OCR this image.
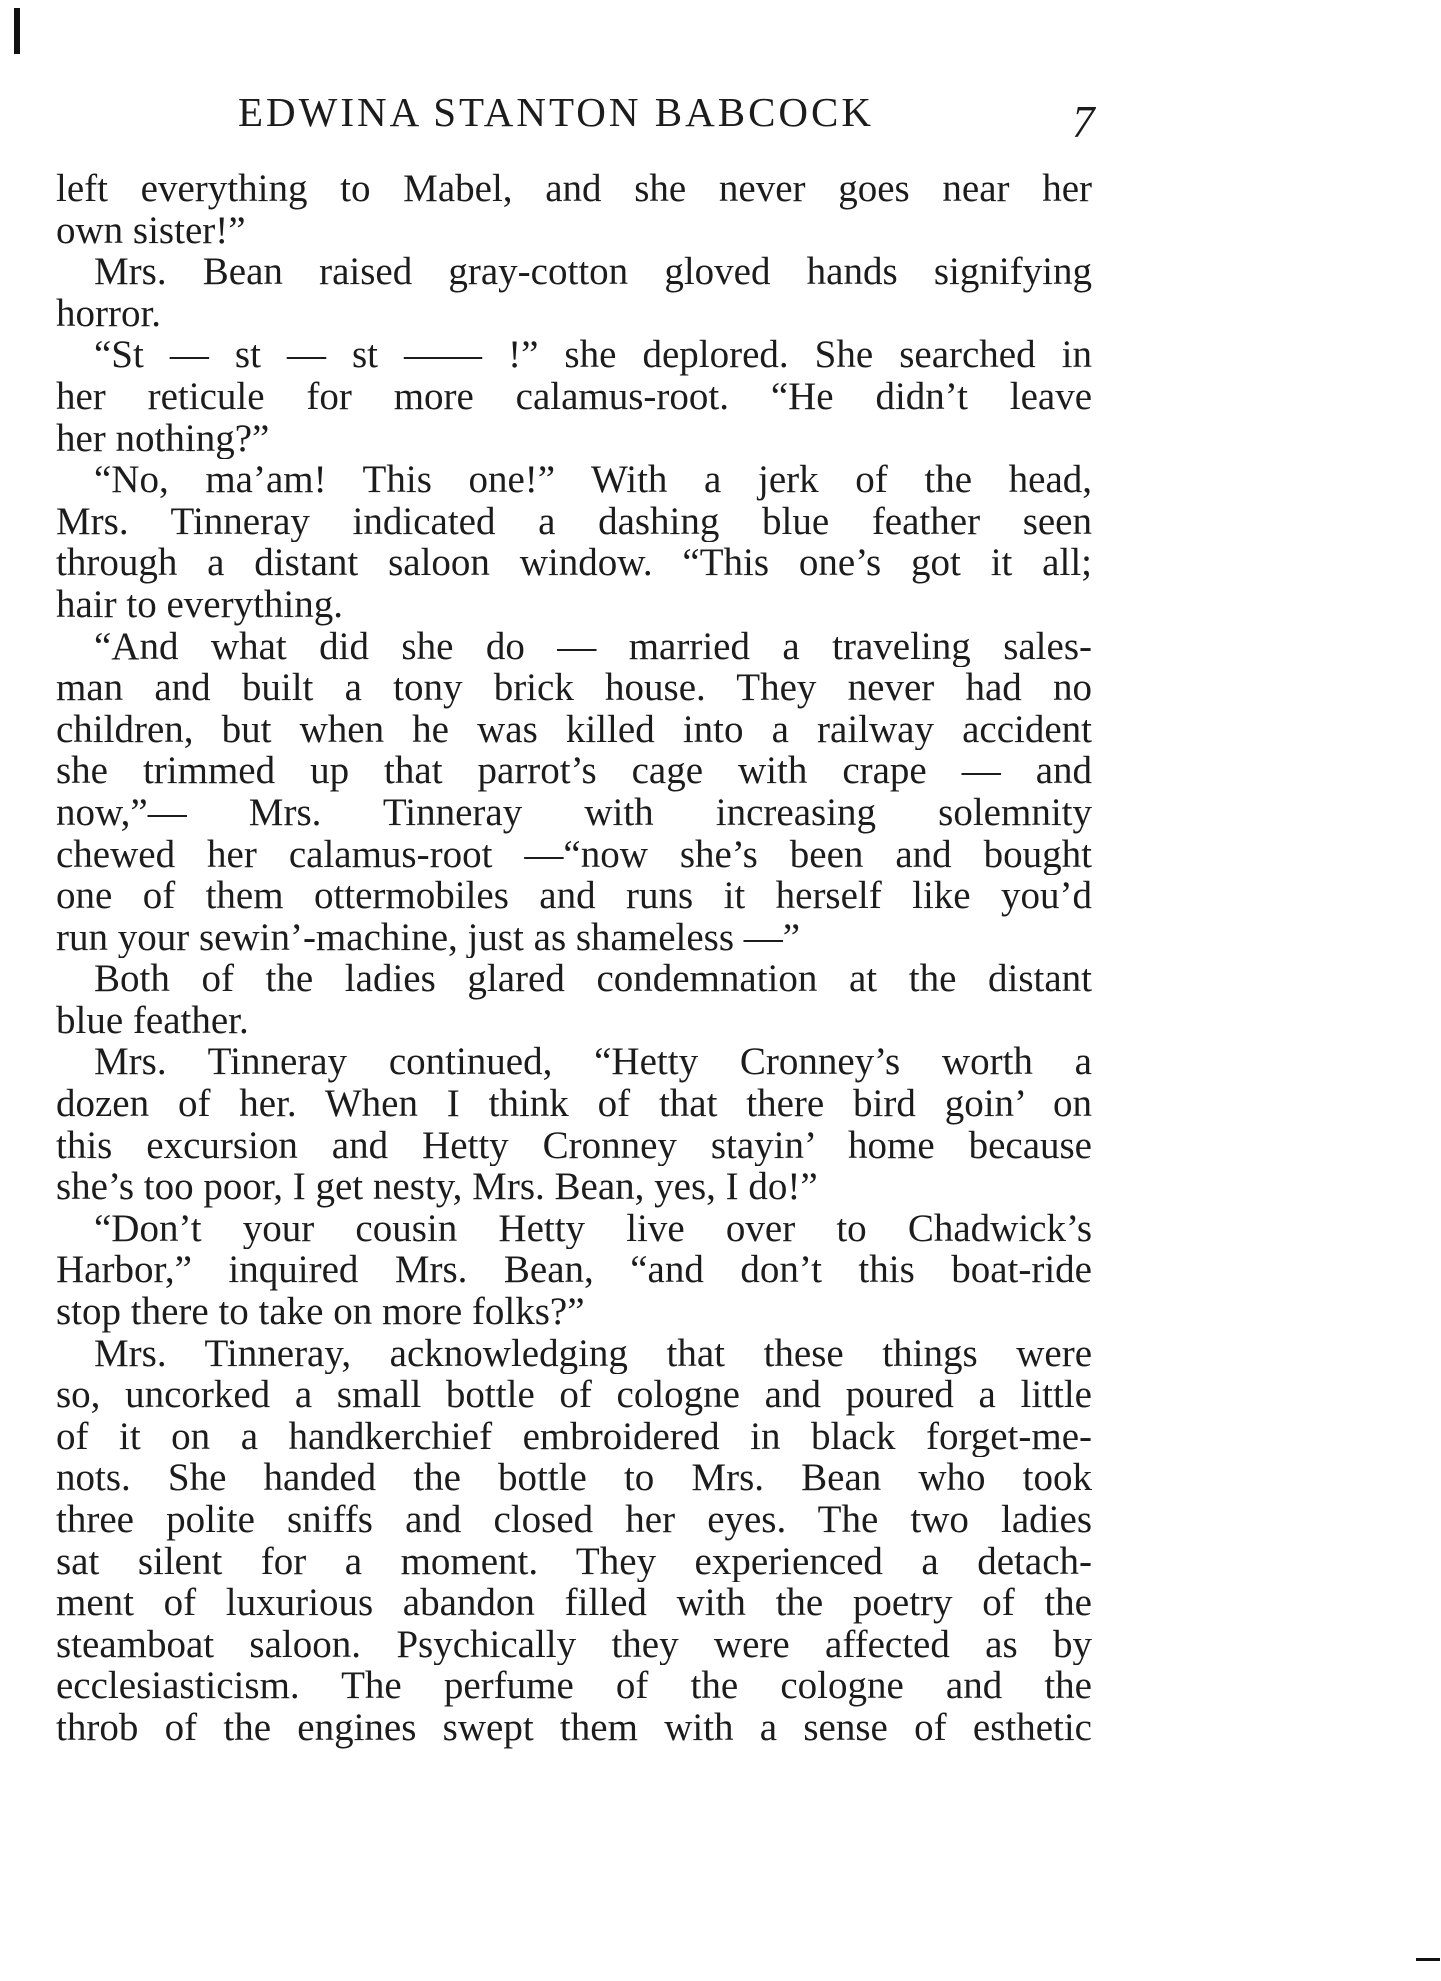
EDWINA STANTON BABCOCK	7
left everything to Mabel, and she never goes near her
own sister!”
Mrs. Bean raised gray-cotton gloved hands signifying
horror.
“St — st — st —— !” she deplored. She searched in
her reticule for more calamus-root. “He didn’t leave
her nothing?”
“No, ma’am! This one!” With a jerk of the head,
Mrs. Tinneray indicated a dashing blue feather seen
through a distant saloon window. “This one’s got it all;
hair to everything.
“And what did she do — married a traveling sales-
man and built a tony brick house. They never had no
children, but when he was killed into a railway accident
she trimmed up that parrot’s cage with crape — and
now,”— Mrs. Tinneray with increasing solemnity
chewed her calamus-root —“now she’s been and bought
one of them ottermobiles and runs it herself like you’d
run your sewin’-machine, just as shameless —”
Both of the ladies glared condemnation at the distant
blue feather.
Mrs. Tinneray continued, “Hetty Cronney’s worth a
dozen of her. When I think of that there bird goin’ on
this excursion and Hetty Cronney stayin’ home because
she’s too poor, I get nesty, Mrs. Bean, yes, I do!”
“Don’t your cousin Hetty live over to Chadwick’s
Harbor,” inquired Mrs. Bean, “and don’t this boat-ride
stop there to take on more folks?”
Mrs. Tinneray, acknowledging that these things were
so, uncorked a small bottle of cologne and poured a little
of it on a handkerchief embroidered in black forget-me-
nots. She handed the bottle to Mrs. Bean who took
three polite sniffs and closed her eyes. The two ladies
sat silent for a moment. They experienced a detach-
ment of luxurious abandon filled with the poetry of the
steamboat saloon. Psychically they were affected as by
ecclesiasticism. The perfume of the cologne and the
throb of the engines swept them with a sense of esthetic
